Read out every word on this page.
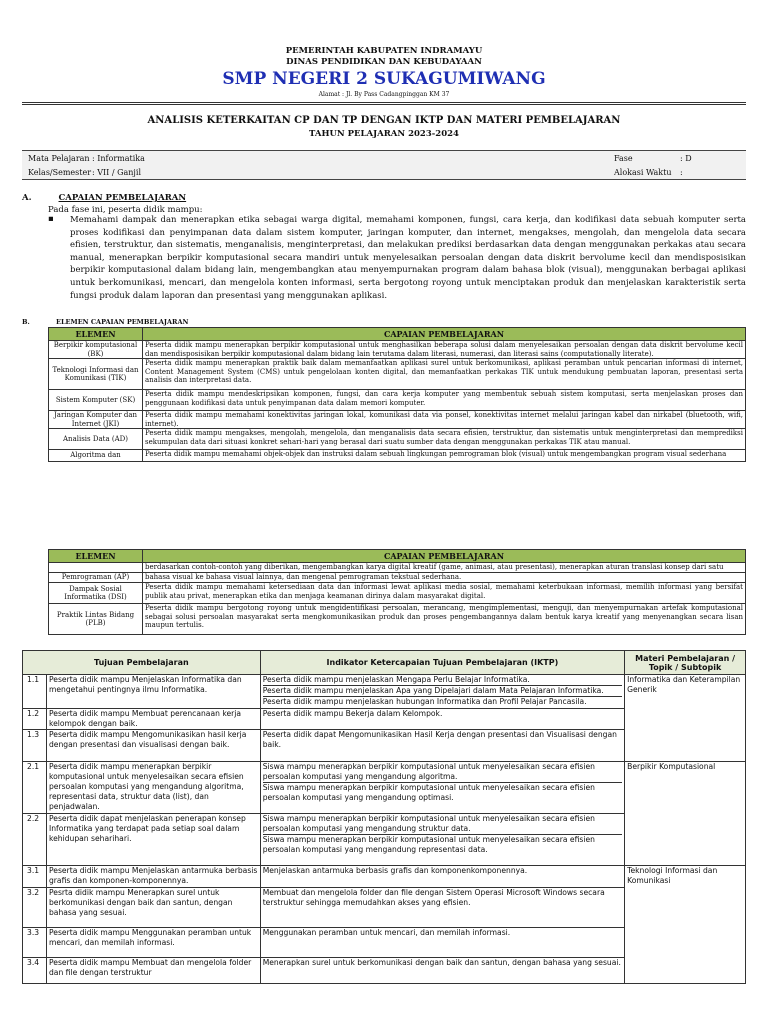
PEMERINTAH KABUPATEN INDRAMAYU
DINAS PENDIDIKAN DAN KEBUDAYAAN
SMP NEGERI 2 SUKAGUMIWANG
Alamat : Jl. By Pass Cadangpinggan KM 37
ANALISIS KETERKAITAN CP DAN TP DENGAN IKTP DAN MATERI PEMBELAJARAN
TAHUN PELAJARAN 2023-2024
Mata Pelajaran : Informatika	Fase	: D
Kelas/Semester : VII / Ganjil	Alokasi Waktu :
A.	CAPAIAN PEMBELAJARAN
Pada fase ini, peserta didik mampu:
▪ Memahami dampak dan menerapkan etika sebagai warga digital, memahami komponen, fungsi, cara kerja, dan kodifikasi data sebuah komputer serta proses kodifikasi dan penyimpanan data dalam sistem komputer, jaringan komputer, dan internet, mengakses, mengolah, dan mengelola data secara efisien, terstruktur, dan sistematis, menganalisis, menginterpretasi, dan melakukan prediksi berdasarkan data dengan menggunakan perkakas atau secara manual, menerapkan berpikir komputasional secara mandiri untuk menyelesaikan persoalan dengan data diskrit bervolume kecil dan mendisposisikan berpikir komputasional dalam bidang lain, mengembangkan atau menyempurnakan program dalam bahasa blok (visual), menggunakan berbagai aplikasi untuk berkomunikasi, mencari, dan mengelola konten informasi, serta bergotong royong untuk menciptakan produk dan menjelaskan karakteristik serta fungsi produk dalam laporan dan presentasi yang menggunakan aplikasi.
B.	ELEMEN CAPAIAN PEMBELAJARAN
ELEMEN	CAPAIAN PEMBELAJARAN
Berpikir komputasional (BK)	Peserta didik mampu menerapkan berpikir komputasional untuk menghasilkan beberapa solusi dalam menyelesaikan persoalan dengan data diskrit bervolume kecil dan mendisposisikan berpikir komputasional dalam bidang lain terutama dalam literasi, numerasi, dan literasi sains (computationally literate).
Teknologi Informasi dan Komunikasi (TIK)	Peserta didik mampu menerapkan praktik baik dalam memanfaatkan aplikasi surel untuk berkomunikasi, aplikasi peramban untuk pencarian informasi di internet, Content Management System (CMS) untuk pengelolaan konten digital, dan memanfaatkan perkakas TIK untuk mendukung pembuatan laporan, presentasi serta analisis dan interpretasi data.
Sistem Komputer (SK)	Peserta didik mampu mendeskripsikan komponen, fungsi, dan cara kerja komputer yang membentuk sebuah sistem komputasi, serta menjelaskan proses dan penggunaan kodifikasi data untuk penyimpanan data dalam memori komputer.
Jaringan Komputer dan Internet (JKI)	Peserta didik mampu memahami konektivitas jaringan lokal, komunikasi data via ponsel, konektivitas internet melalui jaringan kabel dan nirkabel (bluetooth, wifi, internet).
Analisis Data (AD)	Peserta didik mampu mengakses, mengolah, mengelola, dan menganalisis data secara efisien, terstruktur, dan sistematis untuk menginterpretasi dan memprediksi sekumpulan data dari situasi konkret sehari-hari yang berasal dari suatu sumber data dengan menggunakan perkakas TIK atau manual.
Algoritma dan	Peserta didik mampu memahami objek-objek dan instruksi dalam sebuah lingkungan pemrograman blok (visual) untuk mengembangkan program visual sederhana
ELEMEN	CAPAIAN PEMBELAJARAN
	berdasarkan contoh-contoh yang diberikan, mengembangkan karya digital kreatif (game, animasi, atau presentasi), menerapkan aturan translasi konsep dari satu
Pemrograman (AP)	bahasa visual ke bahasa visual lainnya, dan mengenal pemrograman tekstual sederhana.
Dampak Sosial Informatika (DSI)	Peserta didik mampu memahami ketersediaan data dan informasi lewat aplikasi media sosial, memahami keterbukaan informasi, memilih informasi yang bersifat publik atau privat, menerapkan etika dan menjaga keamanan dirinya dalam masyarakat digital.
Praktik Lintas Bidang (PLB)	Peserta didik mampu bergotong royong untuk mengidentifikasi persoalan, merancang, mengimplementasi, menguji, dan menyempurnakan artefak komputasional sebagai solusi persoalan masyarakat serta mengkomunikasikan produk dan proses pengembangannya dalam bentuk karya kreatif yang menyenangkan secara lisan maupun tertulis.
Tujuan Pembelajaran		Indikator Ketercapaian Tujuan Pembelajaran (IKTP)	Materi Pembelajaran / Topik / Subtopik
1.1	Peserta didik mampu Menjelaskan Informatika dan mengetahui pentingnya ilmu Informatika.	Peserta didik mampu menjelaskan Mengapa Perlu Belajar Informatika.
Peserta didik mampu menjelaskan Apa yang Dipelajari dalam Mata Pelajaran Informatika.
Peserta didik mampu menjelaskan hubungan Informatika dan Profil Pelajar Pancasila.	Informatika dan Keterampilan Generik
1.2	Peserta didik mampu Membuat perencanaan kerja kelompok dengan baik.	Peserta didik mampu Bekerja dalam Kelompok.	

1.3	Peserta didik mampu Mengomunikasikan hasil kerja dengan presentasi dan visualisasi dengan baik.	Peserta didik dapat Mengomunikasikan Hasil Kerja dengan presentasi dan Visualisasi dengan baik.	

2.1	Peserta didik mampu menerapkan berpikir komputasional untuk menyelesaikan secara efisien persoalan komputasi yang mengandung algoritma, representasi data, struktur data (list), dan penjadwalan.	Siswa mampu menerapkan berpikir komputasional untuk menyelesaikan secara efisien persoalan komputasi yang mengandung algoritma.
Siswa mampu menerapkan berpikir komputasional untuk menyelesaikan secara efisien persoalan komputasi yang mengandung optimasi.	Berpikir Komputasional
2.2	Peserta didik dapat menjelaskan penerapan konsep Informatika yang terdapat pada setiap soal dalam kehidupan seharihari.	Siswa mampu menerapkan berpikir komputasional untuk menyelesaikan secara efisien persoalan komputasi yang mengandung struktur data.
Siswa mampu menerapkan berpikir komputasional untuk menyelesaikan secara efisien persoalan komputasi yang mengandung representasi data.	

3.1	Peserta didik mampu Menjelaskan antarmuka berbasis grafis dan komponen-komponennya.	Menjelaskan antarmuka berbasis grafis dan komponenkomponennya.	Teknologi Informasi dan Komunikasi
3.2	Pesrta didik mampu Menerapkan surel untuk berkomunikasi dengan baik dan santun, dengan bahasa yang sesuai.	Membuat dan mengelola folder dan file dengan Sistem Operasi Microsoft Windows secara terstruktur sehingga memudahkan akses yang efisien.	

3.3	Peserta didik mampu Menggunakan peramban untuk mencari, dan memilah informasi.	Menggunakan peramban untuk mencari, dan memilah informasi.	

3.4	Peserta didik mampu Membuat dan mengelola folder dan file dengan terstruktur	Menerapkan surel untuk berkomunikasi dengan baik dan santun, dengan bahasa yang sesuai.	
